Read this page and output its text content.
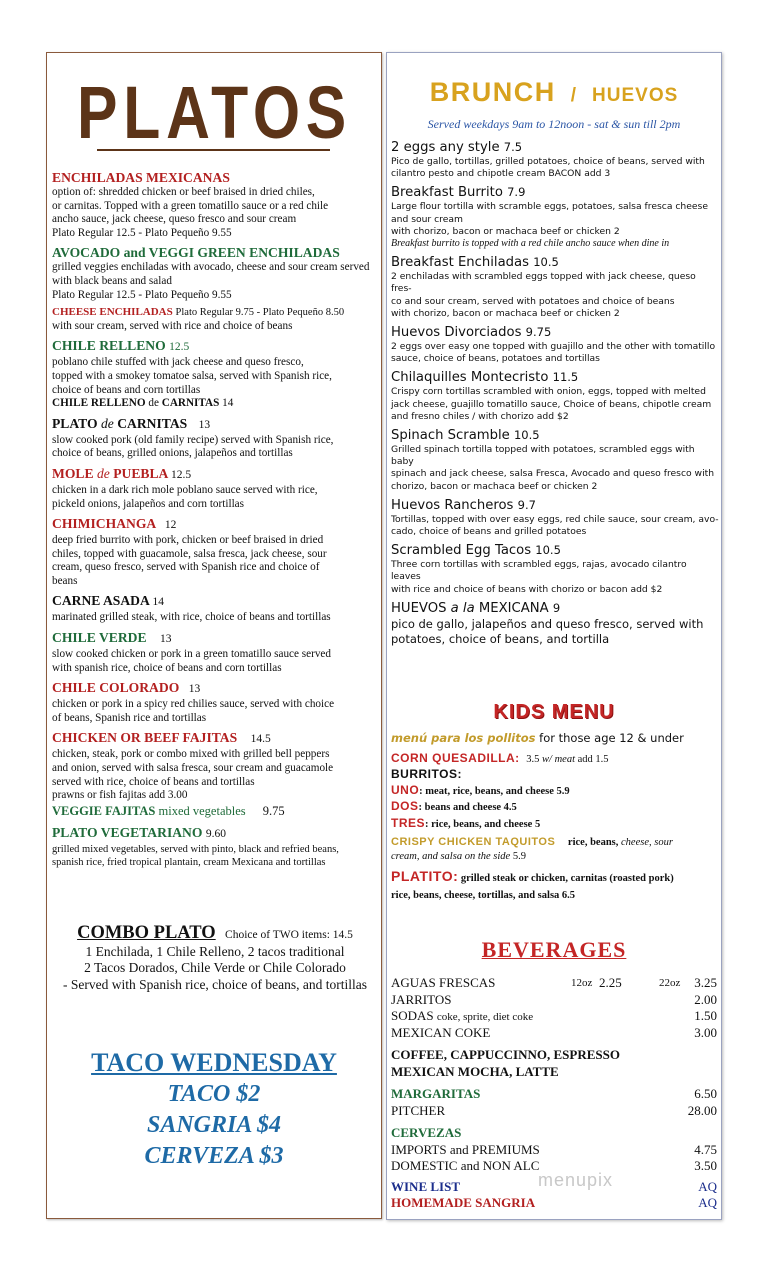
PLATOS
ENCHILADAS MEXICANAS
option of: shredded chicken or beef braised in dried chiles,
or carnitas. Topped with a green tomatillo sauce or a red chile
ancho sauce, jack cheese, queso fresco and sour cream
Plato Regular 12.5 - Plato Pequeño 9.55
AVOCADO and VEGGI GREEN ENCHILADAS
grilled veggies enchiladas with avocado, cheese and sour cream served
with black beans and salad
Plato Regular 12.5 - Plato Pequeño 9.55
CHEESE ENCHILADAS Plato Regular 9.75 - Plato Pequeño 8.50
with sour cream, served with rice and choice of beans
CHILE RELLENO 12.5
poblano chile stuffed with jack cheese and queso fresco,
topped with a smokey tomatoe salsa, served with Spanish rice,
choice of beans and corn tortillas
CHILE RELLENO de CARNITAS 14
PLATO de CARNITAS 13
slow cooked pork (old family recipe) served with Spanish rice,
choice of beans, grilled onions, jalapeños and tortillas
MOLE de PUEBLA 12.5
chicken in a dark rich mole poblano sauce served with rice,
pickeld onions, jalapeños and corn tortillas
CHIMICHANGA 12
deep fried burrito with pork, chicken or beef braised in dried
chiles, topped with guacamole, salsa fresca, jack cheese, sour
cream, queso fresco, served with Spanish rice and choice of
beans
CARNE ASADA 14
marinated grilled steak, with rice, choice of beans and tortillas
CHILE VERDE 13
slow cooked chicken or pork in a green tomatillo sauce served
with spanish rice, choice of beans and corn tortillas
CHILE COLORADO 13
chicken or pork in a spicy red chilies sauce, served with choice
of beans, Spanish rice and tortillas
CHICKEN OR BEEF FAJITAS 14.5
chicken, steak, pork or combo mixed with grilled bell peppers
and onion, served with salsa fresca, sour cream and guacamole
served with rice, choice of beans and tortillas
prawns or fish fajitas add 3.00
VEGGIE FAJITAS mixed vegetables 9.75
PLATO VEGETARIANO 9.60
grilled mixed vegetables, served with pinto, black and refried beans,
spanish rice, fried tropical plantain, cream Mexicana and tortillas
COMBO PLATO Choice of TWO items: 14.5
1 Enchilada, 1 Chile Relleno, 2 tacos traditional
2 Tacos Dorados, Chile Verde or Chile Colorado
- Served with Spanish rice, choice of beans, and tortillas
TACO WEDNESDAY
TACO $2
SANGRIA $4
CERVEZA $3
BRUNCH / HUEVOS
Served weekdays 9am to 12noon - sat & sun till 2pm
2 eggs any style 7.5
Pico de gallo, tortillas, grilled potatoes, choice of beans, served with
cilantro pesto and chipotle cream BACON add 3
Breakfast Burrito 7.9
Large flour tortilla with scramble eggs, potatoes, salsa fresca cheese
and sour cream
with chorizo, bacon or machaca beef or chicken 2
Breakfast burrito is topped with a red chile ancho sauce when dine in
Breakfast Enchiladas 10.5
2 enchiladas with scrambled eggs topped with jack cheese, queso fres-
co and sour cream, served with potatoes and choice of beans
with chorizo, bacon or machaca beef or chicken 2
Huevos Divorciados 9.75
2 eggs over easy one topped with guajillo and the other with tomatillo
sauce, choice of beans, potatoes and tortillas
Chilaquilles Montecristo 11.5
Crispy corn tortillas scrambled with onion, eggs, topped with melted
jack cheese, guajillo tomatillo sauce, Choice of beans, chipotle cream
and fresno chiles / with chorizo add $2
Spinach Scramble 10.5
Grilled spinach tortilla topped with potatoes, scrambled eggs with baby
spinach and jack cheese, salsa Fresca, Avocado and queso fresco with
chorizo, bacon or machaca beef or chicken 2
Huevos Rancheros 9.7
Tortillas, topped with over easy eggs, red chile sauce, sour cream, avo-
cado, choice of beans and grilled potatoes
Scrambled Egg Tacos 10.5
Three corn tortillas with scrambled eggs, rajas, avocado cilantro leaves
with rice and choice of beans with chorizo or bacon add $2
HUEVOS a la MEXICANA 9
pico de gallo, jalapeños and queso fresco, served with
potatoes, choice of beans, and tortilla
KIDS MENU
menú para los pollitos for those age 12 & under
CORN QUESADILLA: 3.5 w/ meat add 1.5
BURRITOS:
UNO: meat, rice, beans, and cheese 5.9
DOS: beans and cheese 4.5
TRES: rice, beans, and cheese 5
CRISPY CHICKEN TAQUITOS rice, beans, cheese, sour
cream, and salsa on the side 5.9
PLATITO: grilled steak or chicken, carnitas (roasted pork)
rice, beans, cheese, tortillas, and salsa 6.5
BEVERAGES
AGUAS FRESCAS	12oz 2.25	22oz 3.25
JARRITOS	2.00
SODAS coke, sprite, diet coke	1.50
MEXICAN COKE	3.00
COFFEE, CAPPUCCINNO, ESPRESSO
MEXICAN MOCHA, LATTE
MARGARITAS	6.50
PITCHER	28.00
CERVEZAS
IMPORTS and PREMIUMS	4.75
DOMESTIC and NON ALC	3.50
WINE LIST	AQ
HOMEMADE SANGRIA	AQ
menupix
